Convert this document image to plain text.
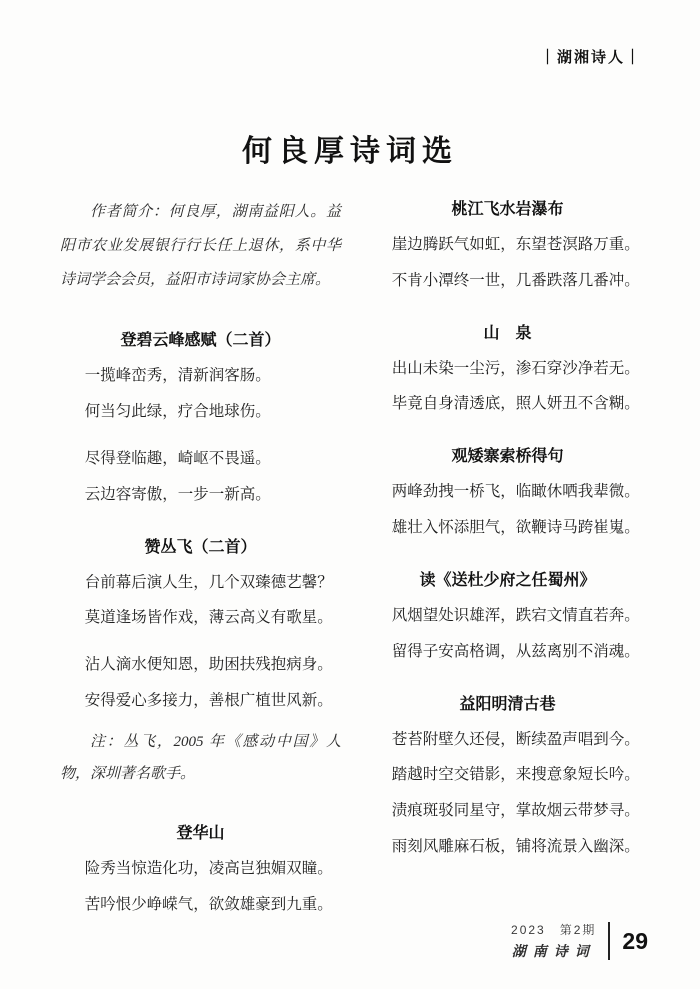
｜湖湘诗人｜
何良厚诗词选

作者简介：何良厚，湖南益阳人。益阳市农业发展银行行长任上退休，系中华诗词学会会员，益阳市诗词家协会主席。

登碧云峰感赋（二首）

一揽峰峦秀，清新润客肠。

何当匀此绿，疗合地球伤。

尽得登临趣，崎岖不畏遥。

云边容寄傲，一步一新高。

赞丛飞（二首）

台前幕后演人生，几个双臻德艺馨？

莫道逢场皆作戏，薄云高义有歌星。

沾人滴水便知恩，助困扶残抱病身。

安得爱心多接力，善根广植世风新。

注：丛飞，2005 年《感动中国》人物，深圳著名歌手。

登华山

险秀当惊造化功，凌高岂独媚双瞳。

苦吟恨少峥嵘气，欲敛雄豪到九重。

桃江飞水岩瀑布

崖边腾跃气如虹，东望苍溟路万重。

不肯小潭终一世，几番跌落几番冲。

山　泉

出山未染一尘污，渗石穿沙净若无。

毕竟自身清透底，照人妍丑不含糊。

观矮寨索桥得句

两峰劲拽一桥飞，临瞰休哂我辈微。

雄壮入怀添胆气，欲鞭诗马跨崔嵬。

读《送杜少府之任蜀州》

风烟望处识雄浑，跌宕文情直若奔。

留得子安高格调，从兹离别不消魂。

益阳明清古巷

苍苔附壁久还侵，断续盈声唱到今。

踏越时空交错影，来搜意象短长吟。

渍痕斑驳同星守，掌故烟云带梦寻。

雨刻风雕麻石板，铺将流景入幽深。

2023　第2期
湖南诗词 29
